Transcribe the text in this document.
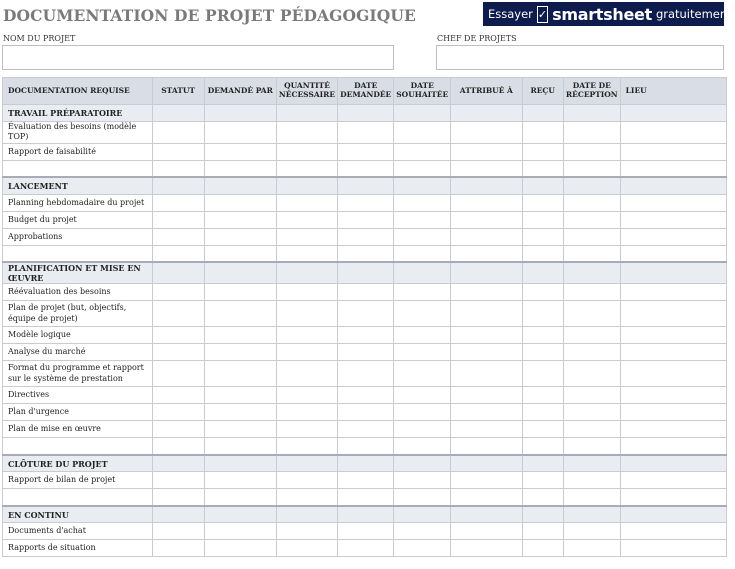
DOCUMENTATION DE PROJET PÉDAGOGIQUE	Essayer ✓ smartsheet gratuitement.
NOM DU PROJET	CHEF DE PROJETS
DOCUMENTATION REQUISE	STATUT	DEMANDÉ PAR	QUANTITÉ NÉCESSAIRE	DATE DEMANDÉE	DATE SOUHAITÉE	ATTRIBUÉ À	REÇU	DATE DE RÉCEPTION	LIEU
TRAVAIL PRÉPARATOIRE									
Évaluation des besoins (modèle TOP)									
Rapport de faisabilité									

LANCEMENT									
Planning hebdomadaire du projet									
Budget du projet									
Approbations									

PLANIFICATION ET MISE EN ŒUVRE									
Réévaluation des besoins									
Plan de projet (but, objectifs, équipe de projet)									
Modèle logique									
Analyse du marché									
Format du programme et rapport sur le système de prestation									
Directives									
Plan d'urgence									
Plan de mise en œuvre									

CLÔTURE DU PROJET									
Rapport de bilan de projet									

EN CONTINU									
Documents d'achat									
Rapports de situation									
